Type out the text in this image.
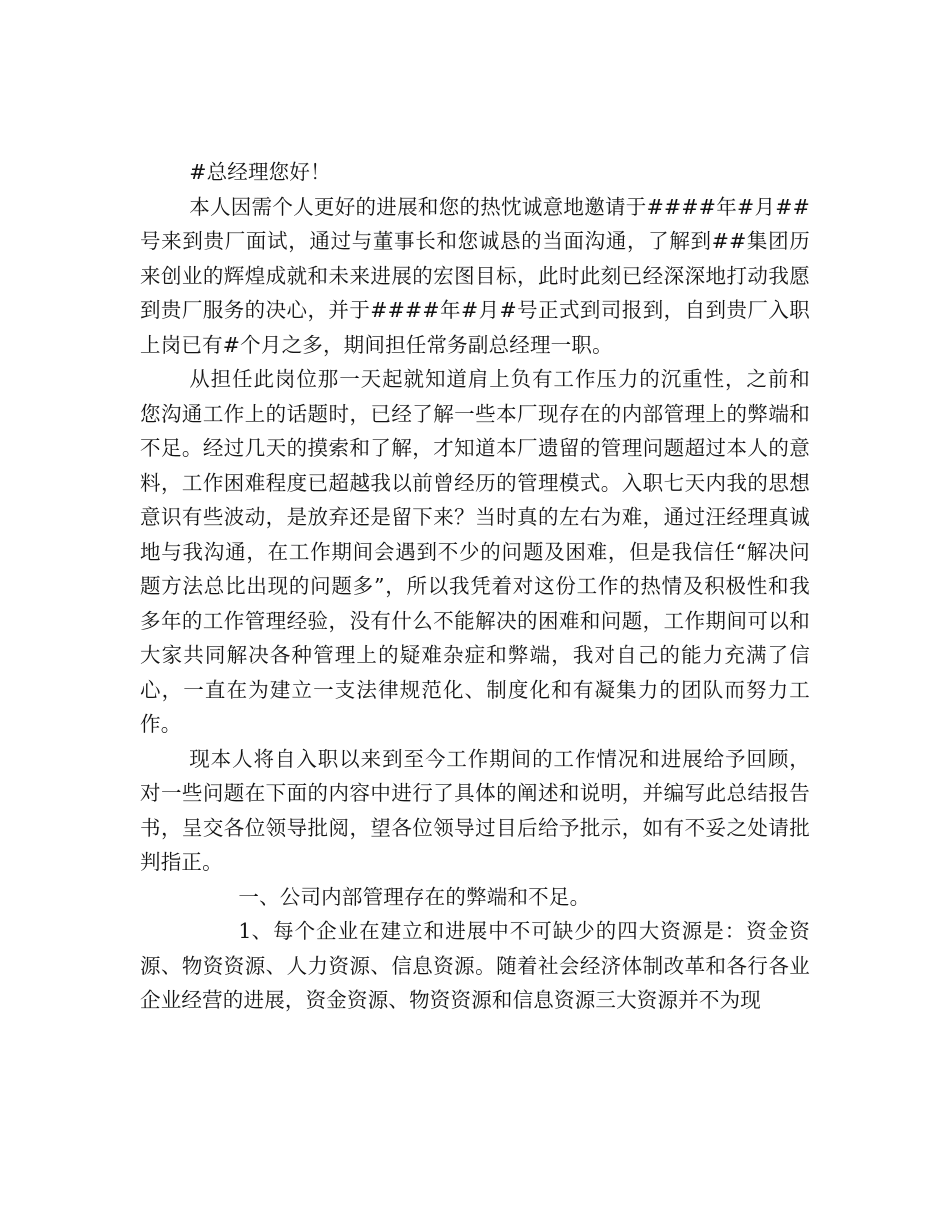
#总经理您好！

本人因需个人更好的进展和您的热忱诚意地邀请于####年#月##号来到贵厂面试，通过与董事长和您诚恳的当面沟通，了解到##集团历来创业的辉煌成就和未来进展的宏图目标，此时此刻已经深深地打动我愿到贵厂服务的决心，并于####年#月#号正式到司报到，自到贵厂入职上岗已有#个月之多，期间担任常务副总经理一职。

从担任此岗位那一天起就知道肩上负有工作压力的沉重性，之前和您沟通工作上的话题时，已经了解一些本厂现存在的内部管理上的弊端和不足。经过几天的摸索和了解，才知道本厂遗留的管理问题超过本人的意料，工作困难程度已超越我以前曾经历的管理模式。入职七天内我的思想意识有些波动，是放弃还是留下来？当时真的左右为难，通过汪经理真诚地与我沟通，在工作期间会遇到不少的问题及困难，但是我信任“解决问题方法总比出现的问题多”，所以我凭着对这份工作的热情及积极性和我多年的工作管理经验，没有什么不能解决的困难和问题，工作期间可以和大家共同解决各种管理上的疑难杂症和弊端，我对自己的能力充满了信心，一直在为建立一支法律规范化、制度化和有凝集力的团队而努力工作。

现本人将自入职以来到至今工作期间的工作情况和进展给予回顾，对一些问题在下面的内容中进行了具体的阐述和说明，并编写此总结报告书，呈交各位领导批阅，望各位领导过目后给予批示，如有不妥之处请批判指正。

一、公司内部管理存在的弊端和不足。

1、每个企业在建立和进展中不可缺少的四大资源是：资金资源、物资资源、人力资源、信息资源。随着社会经济体制改革和各行各业企业经营的进展，资金资源、物资资源和信息资源三大资源并不为现
